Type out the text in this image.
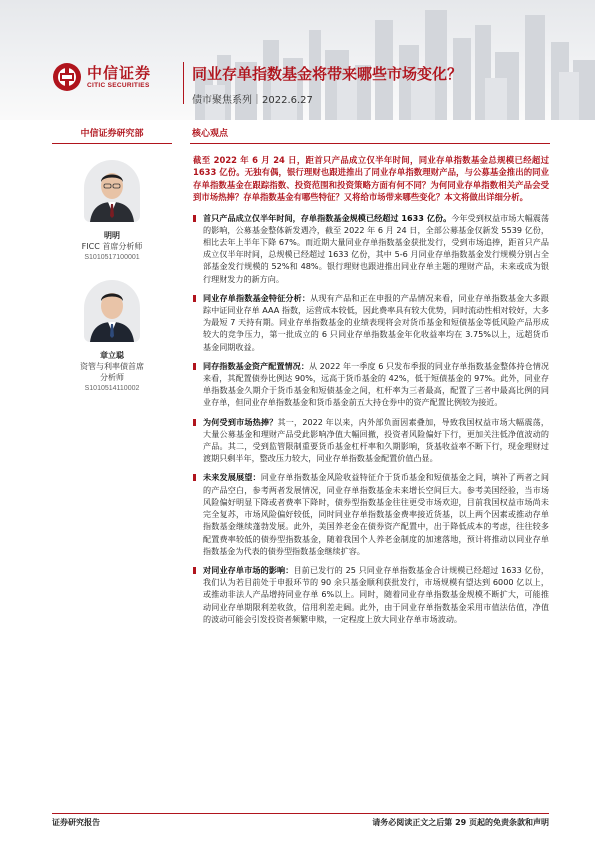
中信证券
CITIC SECURITIES
同业存单指数基金将带来哪些市场变化？
债市聚焦系列｜2022.6.27
中信证券研究部
明明
FICC 首席分析师
S1010517100001
章立聪
资管与利率债首席
分析师
S1010514110002
核心观点

截至 2022 年 6 月 24 日，距首只产品成立仅半年时间，同业存单指数基金总规模已经超过 1633 亿份。无独有偶，银行理财也跟进推出了同业存单指数理财产品，与公募基金推出的同业存单指数基金在跟踪指数、投资范围和投资策略方面有何不同？为何同业存单指数相关产品会受到市场热捧？存单指数基金有哪些特征？又将给市场带来哪些变化？本文将做出详细分析。

首只产品成立仅半年时间，存单指数基金规模已经超过 1633 亿份。今年受到权益市场大幅震荡的影响，公募基金整体新发遇冷，截至 2022 年 6 月 24 日，全部公募基金仅新发 5539 亿份，相比去年上半年下降 67%。而近期大量同业存单指数基金获批发行，受到市场追捧，距首只产品成立仅半年时间，总规模已经超过 1633 亿份，其中 5-6 月同业存单指数基金发行规模分别占全部基金发行规模的 52%和 48%。银行理财也跟进推出同业存单主题的理财产品，未来或成为银行理财发力的新方向。
同业存单指数基金特征分析：从现有产品和正在申报的产品情况来看，同业存单指数基金大多跟踪中证同业存单 AAA 指数，运营成本较低，因此费率具有较大优势，同时流动性相对较好，大多为最短 7 天持有期。同业存单指数基金的业绩表现将会对货币基金和短债基金等低风险产品形成较大的竞争压力，第一批成立的 6 只同业存单指数基金年化收益率均在 3.75%以上，远超货币基金同期收益。
同存指数基金资产配置情况：从 2022 年一季度 6 只发布季报的同业存单指数基金整体持仓情况来看，其配置债券比例达 90%，远高于货币基金的 42%，低于短债基金的 97%。此外，同业存单指数基金久期介于货币基金和短债基金之间，杠杆率为三者最高，配置了三者中最高比例的同业存单，但同业存单指数基金和货币基金前五大持仓券中的资产配置比例较为接近。
为何受到市场热捧？其一，2022 年以来，内外部负面因素叠加，导致我国权益市场大幅震荡，大量公募基金和理财产品受此影响净值大幅回撤，投资者风险偏好下行，更加关注低净值波动的产品。其二，受到监管限制重要货币基金杠杆率和久期影响，货基收益率不断下行，现金理财过渡期只剩半年，整改压力较大，同业存单指数基金配置价值凸显。
未来发展展望：同业存单指数基金风险收益特征介于货币基金和短债基金之间，填补了两者之间的产品空白，参考两者发展情况，同业存单指数基金未来增长空间巨大。参考美国经验，当市场风险偏好明显下降或者费率下降时，债券型指数基金往往更受市场欢迎，目前我国权益市场尚未完全复苏，市场风险偏好较低，同时同业存单指数基金费率接近货基，以上两个因素或推动存单指数基金继续蓬勃发展。此外，美国养老金在债券资产配置中，出于降低成本的考虑，往往较多配置费率较低的债券型指数基金，随着我国个人养老金制度的加速落地，预计将推动以同业存单指数基金为代表的债券型指数基金继续扩容。
对同业存单市场的影响：目前已发行的 25 只同业存单指数基金合计规模已经超过 1633 亿份，我们认为若目前处于申报环节的 90 余只基金顺利获批发行，市场规模有望达到 6000 亿以上，或推动非法人产品增持同业存单 6%以上。同时，随着同业存单指数基金规模不断扩大，可能推动同业存单期限利差收敛，信用利差走阔。此外，由于同业存单指数基金采用市值法估值，净值的波动可能会引发投资者频繁申赎，一定程度上放大同业存单市场波动。
证券研究报告	请务必阅读正文之后第 29 页起的免责条款和声明
